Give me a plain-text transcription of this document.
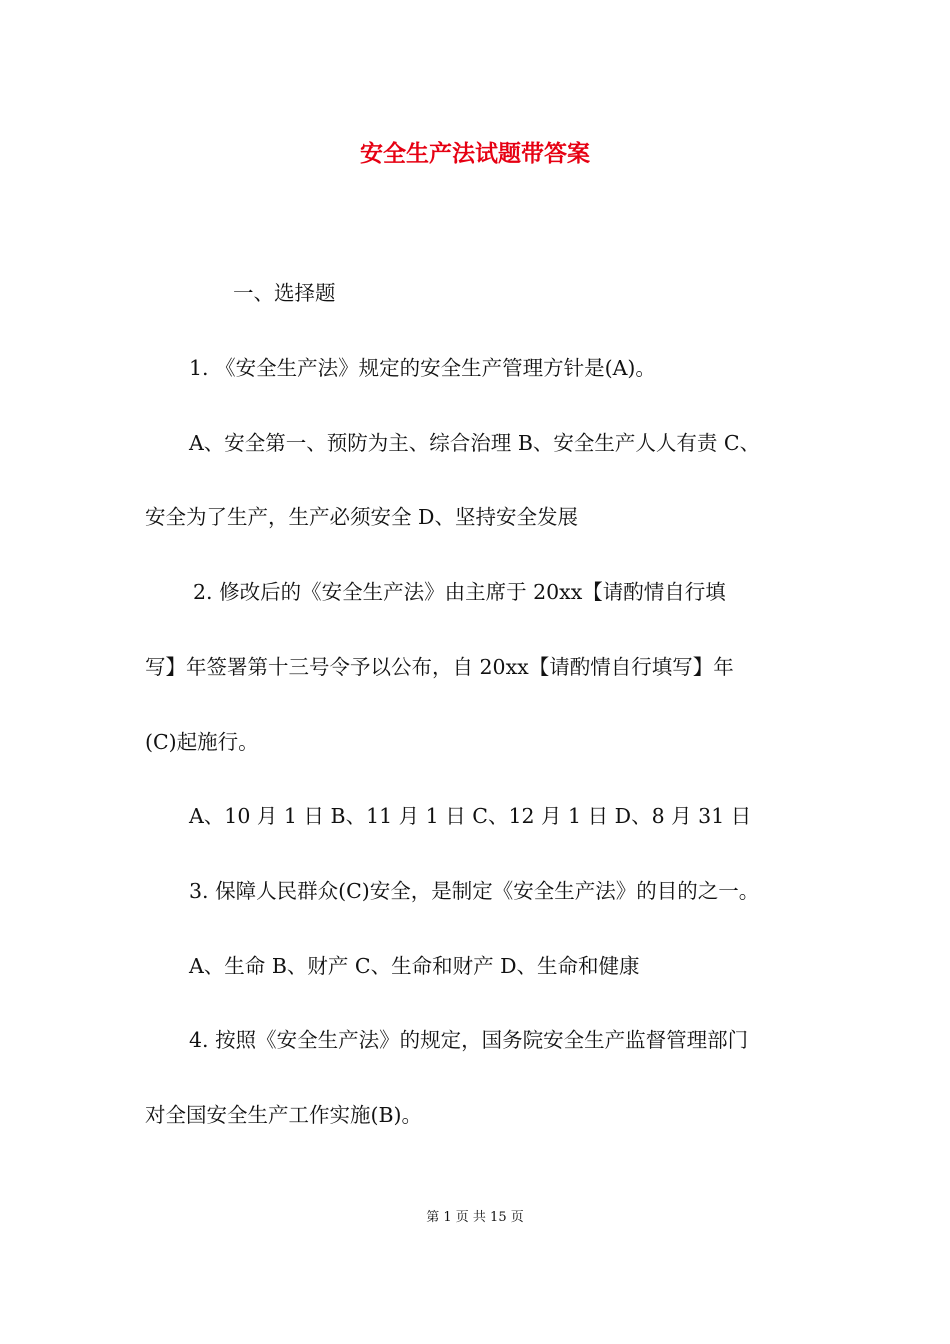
安全生产法试题带答案
一、选择题
1. 《安全生产法》规定的安全生产管理方针是(A)。
A、安全第一、预防为主、综合治理 B、安全生产人人有责 C、
安全为了生产，生产必须安全 D、坚持安全发展
2. 修改后的《安全生产法》由主席于 20xx【请酌情自行填
写】年签署第十三号令予以公布，自 20xx【请酌情自行填写】年
(C)起施行。
A、10 月 1 日 B、11 月 1 日 C、12 月 1 日 D、8 月 31 日
3. 保障人民群众(C)安全，是制定《安全生产法》的目的之一。
A、生命 B、财产 C、生命和财产 D、生命和健康
4. 按照《安全生产法》的规定，国务院安全生产监督管理部门
对全国安全生产工作实施(B)。
第 1 页 共 15 页
